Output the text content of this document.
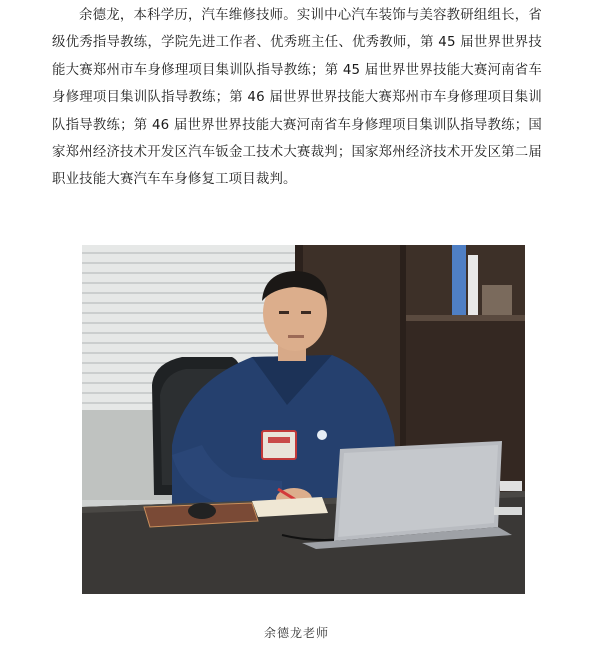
余德龙，本科学历，汽车维修技师。实训中心汽车装饰与美容教研组组长，省级优秀指导教练，学院先进工作者、优秀班主任、优秀教师，第 45 届世界世界技能大赛郑州市车身修理项目集训队指导教练；第 45 届世界世界技能大赛河南省车身修理项目集训队指导教练；第 46 届世界世界技能大赛郑州市车身修理项目集训队指导教练；第 46 届世界世界技能大赛河南省车身修理项目集训队指导教练；国家郑州经济技术开发区汽车钣金工技术大赛裁判；国家郑州经济技术开发区第二届职业技能大赛汽车车身修复工项目裁判。

余德龙老师
